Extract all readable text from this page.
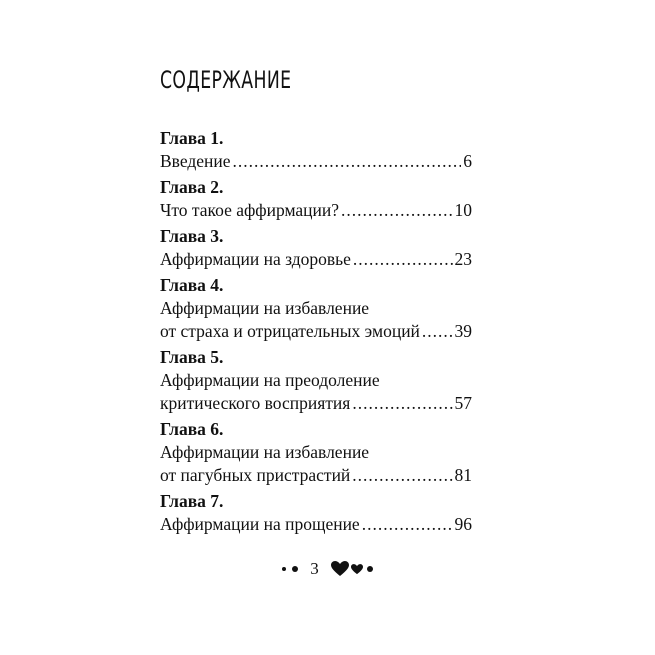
СОДЕРЖАНИЕ
Глава 1.
Введение .....	6
Глава 2.
Что такое аффирмации? .....	10
Глава 3.
Аффирмации на здоровье .....	23
Глава 4.
Аффирмации на избавление
от страха и отрицательных эмоций ..... 39
Глава 5.
Аффирмации на преодоление
критического восприятия .....	57
Глава 6.
Аффирмации на избавление
от пагубных пристрастий .....	81
Глава 7.
Аффирмации на прощение .....	96
3
